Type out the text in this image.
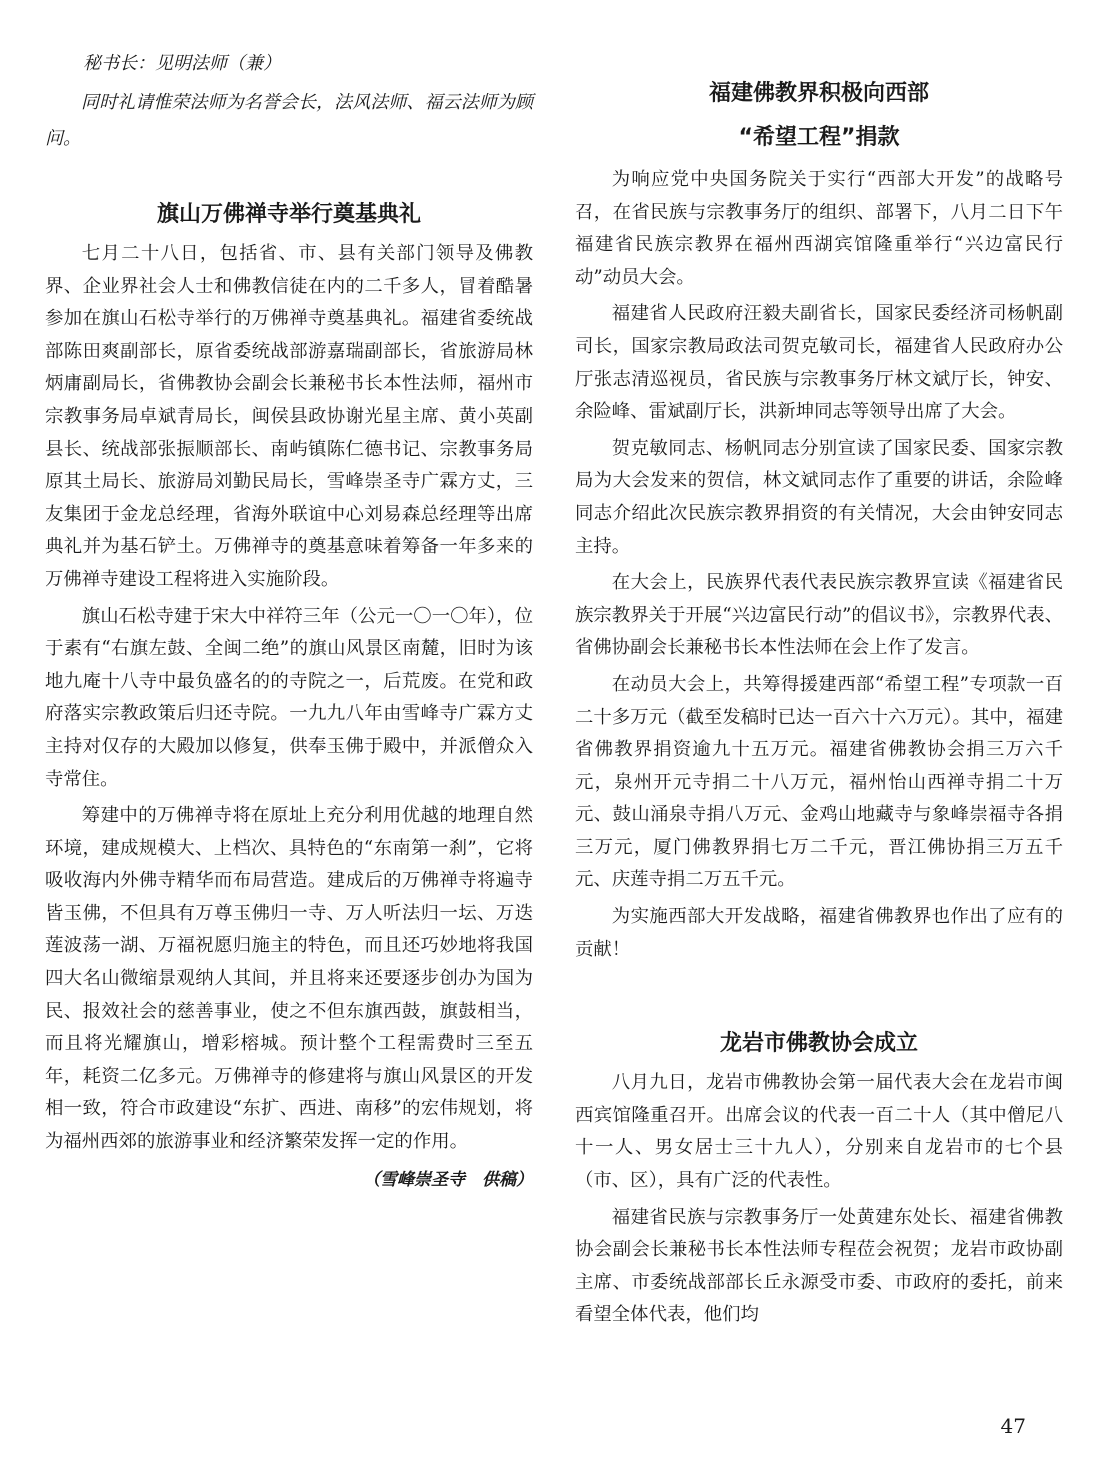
秘书长：见明法师（兼）

同时礼请惟荣法师为名誉会长，法风法师、福云法师为顾问。

旗山万佛禅寺举行奠基典礼

七月二十八日，包括省、市、县有关部门领导及佛教界、企业界社会人士和佛教信徒在内的二千多人，冒着酷暑参加在旗山石松寺举行的万佛禅寺奠基典礼。福建省委统战部陈田爽副部长，原省委统战部游嘉瑞副部长，省旅游局林炳庸副局长，省佛教协会副会长兼秘书长本性法师，福州市宗教事务局卓斌青局长，闽侯县政协谢光星主席、黄小英副县长、统战部张振顺部长、南屿镇陈仁德书记、宗教事务局原其土局长、旅游局刘勤民局长，雪峰崇圣寺广霖方丈，三友集团于金龙总经理，省海外联谊中心刘易森总经理等出席典礼并为基石铲土。万佛禅寺的奠基意味着筹备一年多来的万佛禅寺建设工程将进入实施阶段。

旗山石松寺建于宋大中祥符三年（公元一〇一〇年），位于素有“右旗左鼓、全闽二绝”的旗山风景区南麓，旧时为该地九庵十八寺中最负盛名的的寺院之一，后荒废。在党和政府落实宗教政策后归还寺院。一九九八年由雪峰寺广霖方丈主持对仅存的大殿加以修复，供奉玉佛于殿中，并派僧众入寺常住。

筹建中的万佛禅寺将在原址上充分利用优越的地理自然环境，建成规模大、上档次、具特色的“东南第一刹”，它将吸收海内外佛寺精华而布局营造。建成后的万佛禅寺将遍寺皆玉佛，不但具有万尊玉佛归一寺、万人听法归一坛、万迭莲波荡一湖、万福祝愿归施主的特色，而且还巧妙地将我国四大名山微缩景观纳人其间，并且将来还要逐步创办为国为民、报效社会的慈善事业，使之不但东旗西鼓，旗鼓相当，而且将光耀旗山，增彩榕城。预计整个工程需费时三至五年，耗资二亿多元。万佛禅寺的修建将与旗山风景区的开发相一致，符合市政建设“东扩、西进、南移”的宏伟规划，将为福州西郊的旅游事业和经济繁荣发挥一定的作用。

（雪峰崇圣寺　供稿）

福建佛教界积极向西部
“希望工程”捐款

为响应党中央国务院关于实行“西部大开发”的战略号召，在省民族与宗教事务厅的组织、部署下，八月二日下午福建省民族宗教界在福州西湖宾馆隆重举行“兴边富民行动”动员大会。

福建省人民政府汪毅夫副省长，国家民委经济司杨帆副司长，国家宗教局政法司贺克敏司长，福建省人民政府办公厅张志清巡视员，省民族与宗教事务厅林文斌厅长，钟安、余险峰、雷斌副厅长，洪新坤同志等领导出席了大会。

贺克敏同志、杨帆同志分别宣读了国家民委、国家宗教局为大会发来的贺信，林文斌同志作了重要的讲话，余险峰同志介绍此次民族宗教界捐资的有关情况，大会由钟安同志主持。

在大会上，民族界代表代表民族宗教界宣读《福建省民族宗教界关于开展“兴边富民行动”的倡议书》，宗教界代表、省佛协副会长兼秘书长本性法师在会上作了发言。

在动员大会上，共筹得援建西部“希望工程”专项款一百二十多万元（截至发稿时已达一百六十六万元）。其中，福建省佛教界捐资逾九十五万元。福建省佛教协会捐三万六千元，泉州开元寺捐二十八万元，福州怡山西禅寺捐二十万元、鼓山涌泉寺捐八万元、金鸡山地藏寺与象峰崇福寺各捐三万元，厦门佛教界捐七万二千元，晋江佛协捐三万五千元、庆莲寺捐二万五千元。

为实施西部大开发战略，福建省佛教界也作出了应有的贡献！

龙岩市佛教协会成立

八月九日，龙岩市佛教协会第一届代表大会在龙岩市闽西宾馆隆重召开。出席会议的代表一百二十人（其中僧尼八十一人、男女居士三十九人），分别来自龙岩市的七个县（市、区），具有广泛的代表性。

福建省民族与宗教事务厅一处黄建东处长、福建省佛教协会副会长兼秘书长本性法师专程莅会祝贺；龙岩市政协副主席、市委统战部部长丘永源受市委、市政府的委托，前来看望全体代表，他们均

47
